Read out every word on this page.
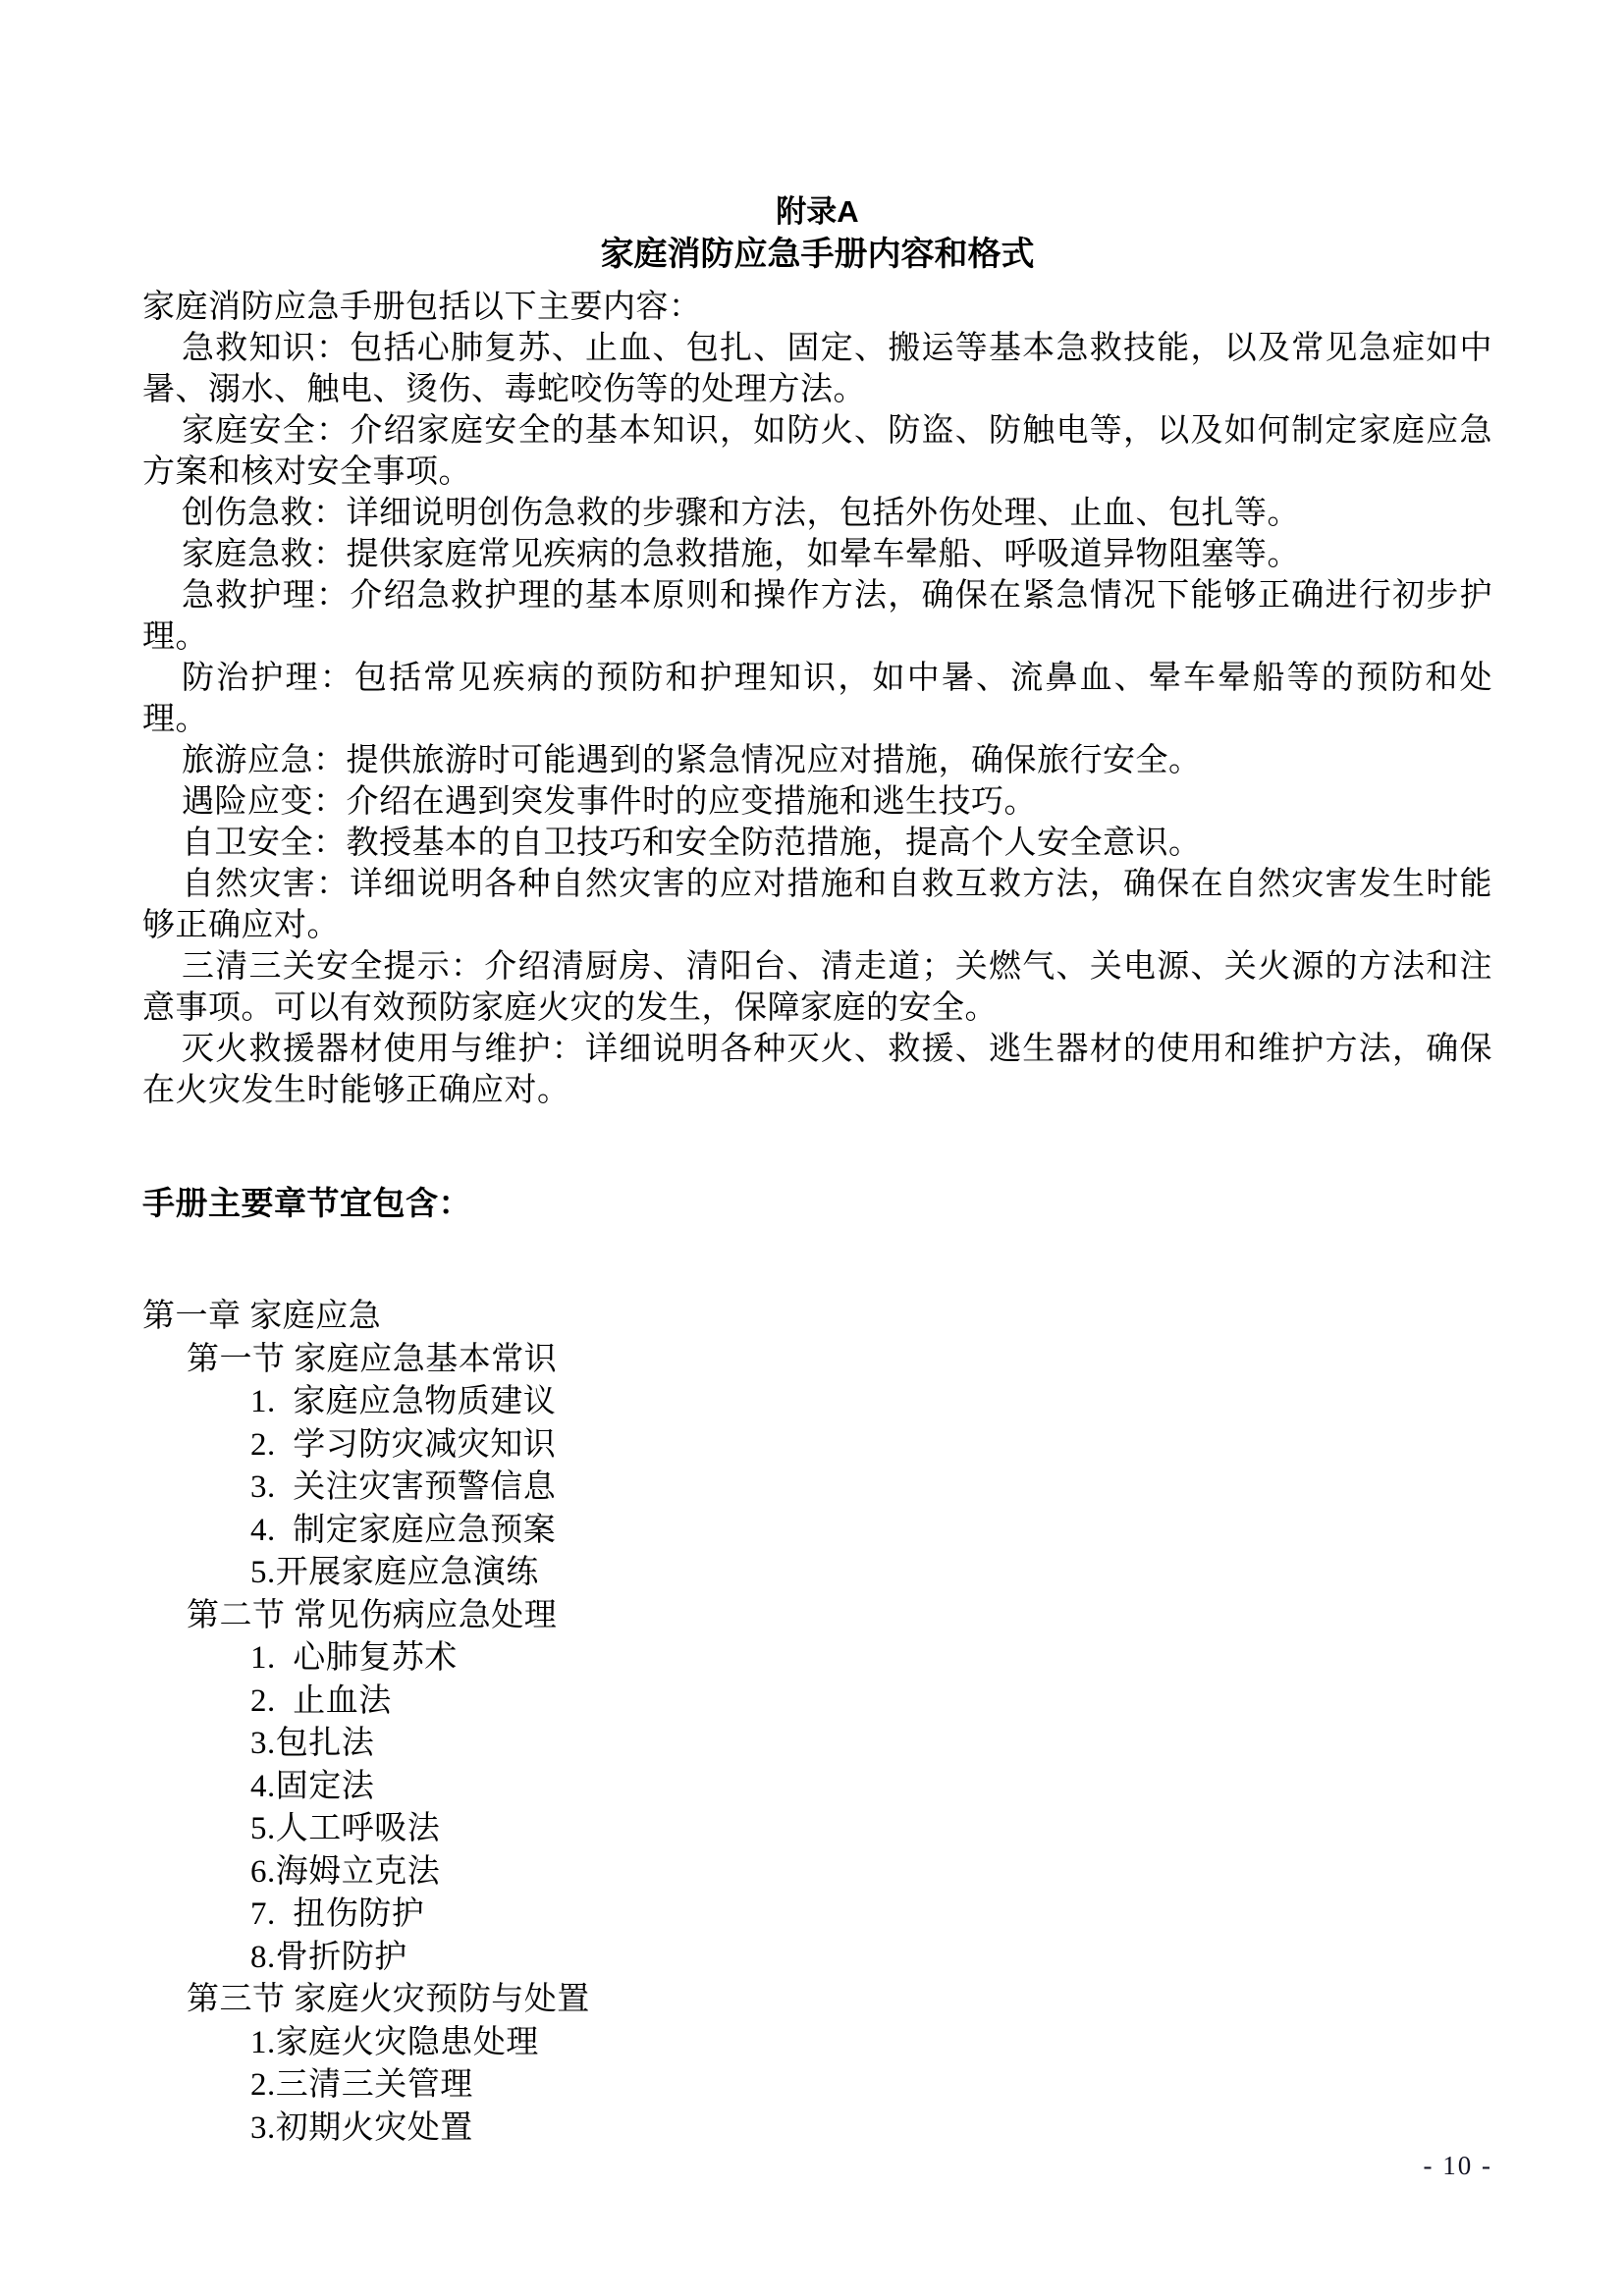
附录A
家庭消防应急手册内容和格式

家庭消防应急手册包括以下主要内容：

急救知识：包括心肺复苏、止血、包扎、固定、搬运等基本急救技能，以及常见急症如中暑、溺水、触电、烫伤、毒蛇咬伤等的处理方法。

家庭安全：介绍家庭安全的基本知识，如防火、防盗、防触电等，以及如何制定家庭应急方案和核对安全事项。

创伤急救：详细说明创伤急救的步骤和方法，包括外伤处理、止血、包扎等。

家庭急救：提供家庭常见疾病的急救措施，如晕车晕船、呼吸道异物阻塞等。

急救护理：介绍急救护理的基本原则和操作方法，确保在紧急情况下能够正确进行初步护理。

防治护理：包括常见疾病的预防和护理知识，如中暑、流鼻血、晕车晕船等的预防和处理。

旅游应急：提供旅游时可能遇到的紧急情况应对措施，确保旅行安全。

遇险应变：介绍在遇到突发事件时的应变措施和逃生技巧。

自卫安全：教授基本的自卫技巧和安全防范措施，提高个人安全意识。

自然灾害：详细说明各种自然灾害的应对措施和自救互救方法，确保在自然灾害发生时能够正确应对。

三清三关安全提示：介绍清厨房、清阳台、清走道；关燃气、关电源、关火源的方法和注意事项。可以有效预防家庭火灾的发生，保障家庭的安全。

灭火救援器材使用与维护：详细说明各种灭火、救援、逃生器材的使用和维护方法，确保在火灾发生时能够正确应对。

手册主要章节宜包含：
第一章 家庭应急
第一节 家庭应急基本常识
1.  家庭应急物质建议
2.  学习防灾减灾知识
3.  关注灾害预警信息
4.  制定家庭应急预案
5.开展家庭应急演练
第二节 常见伤病应急处理
1.  心肺复苏术
2.  止血法
3.包扎法
4.固定法
5.人工呼吸法
6.海姆立克法
7.  扭伤防护
8.骨折防护
第三节 家庭火灾预防与处置
1.家庭火灾隐患处理
2.三清三关管理
3.初期火灾处置
- 10 -
